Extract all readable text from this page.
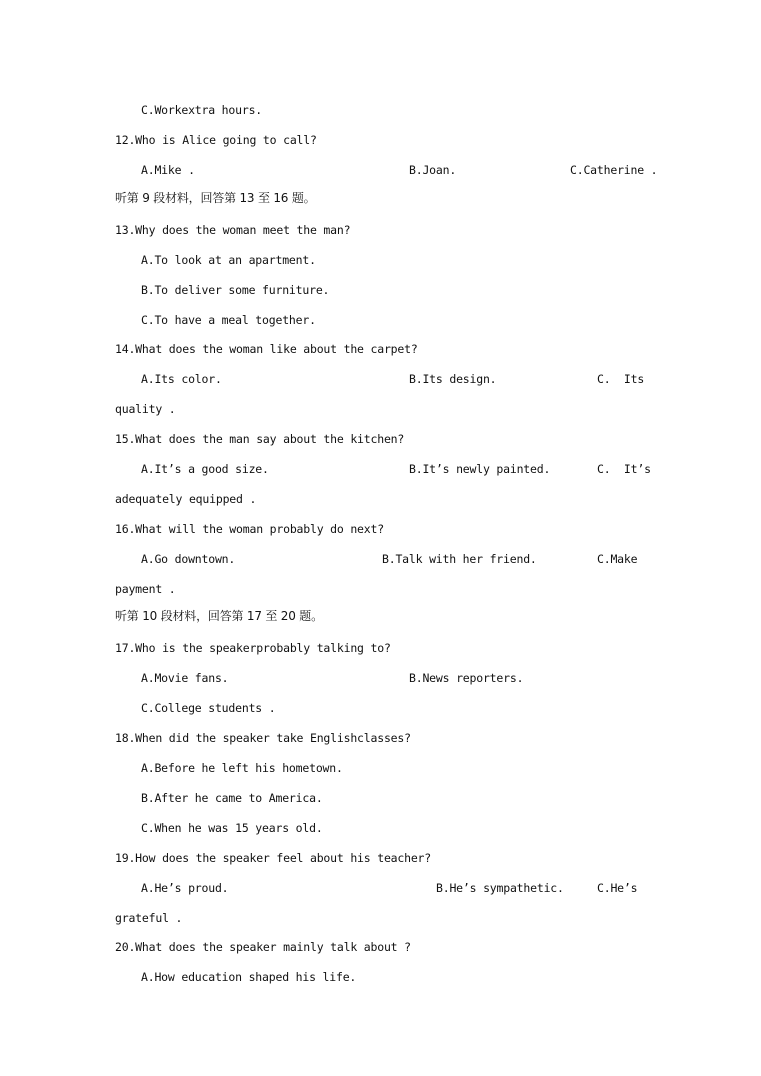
C.Workextra hours.
12.Who is Alice going to call?
A.Mike .	B.Joan.	C.Catherine .
听第 9 段材料，回答第 13 至 16 题。
13.Why does the woman meet the man?
A.To look at an apartment.
B.To deliver some furniture.
C.To have a meal together.
14.What does the woman like about the carpet?
A.Its color.	B.Its design.	C.  Its
quality .
15.What does the man say about the kitchen?
A.It’s a good size.	B.It’s newly painted.	C.  It’s
adequately equipped .
16.What will the woman probably do next?
A.Go downtown.	B.Talk with her friend.	C.Make
payment .
听第 10 段材料，回答第 17 至 20 题。
17.Who is the speakerprobably talking to?
A.Movie fans.	B.News reporters.
C.College students .
18.When did the speaker take Englishclasses?
A.Before he left his hometown.
B.After he came to America.
C.When he was 15 years old.
19.How does the speaker feel about his teacher?
A.He’s proud.	B.He’s sympathetic.	C.He’s
grateful .
20.What does the speaker mainly talk about ?
A.How education shaped his life.
